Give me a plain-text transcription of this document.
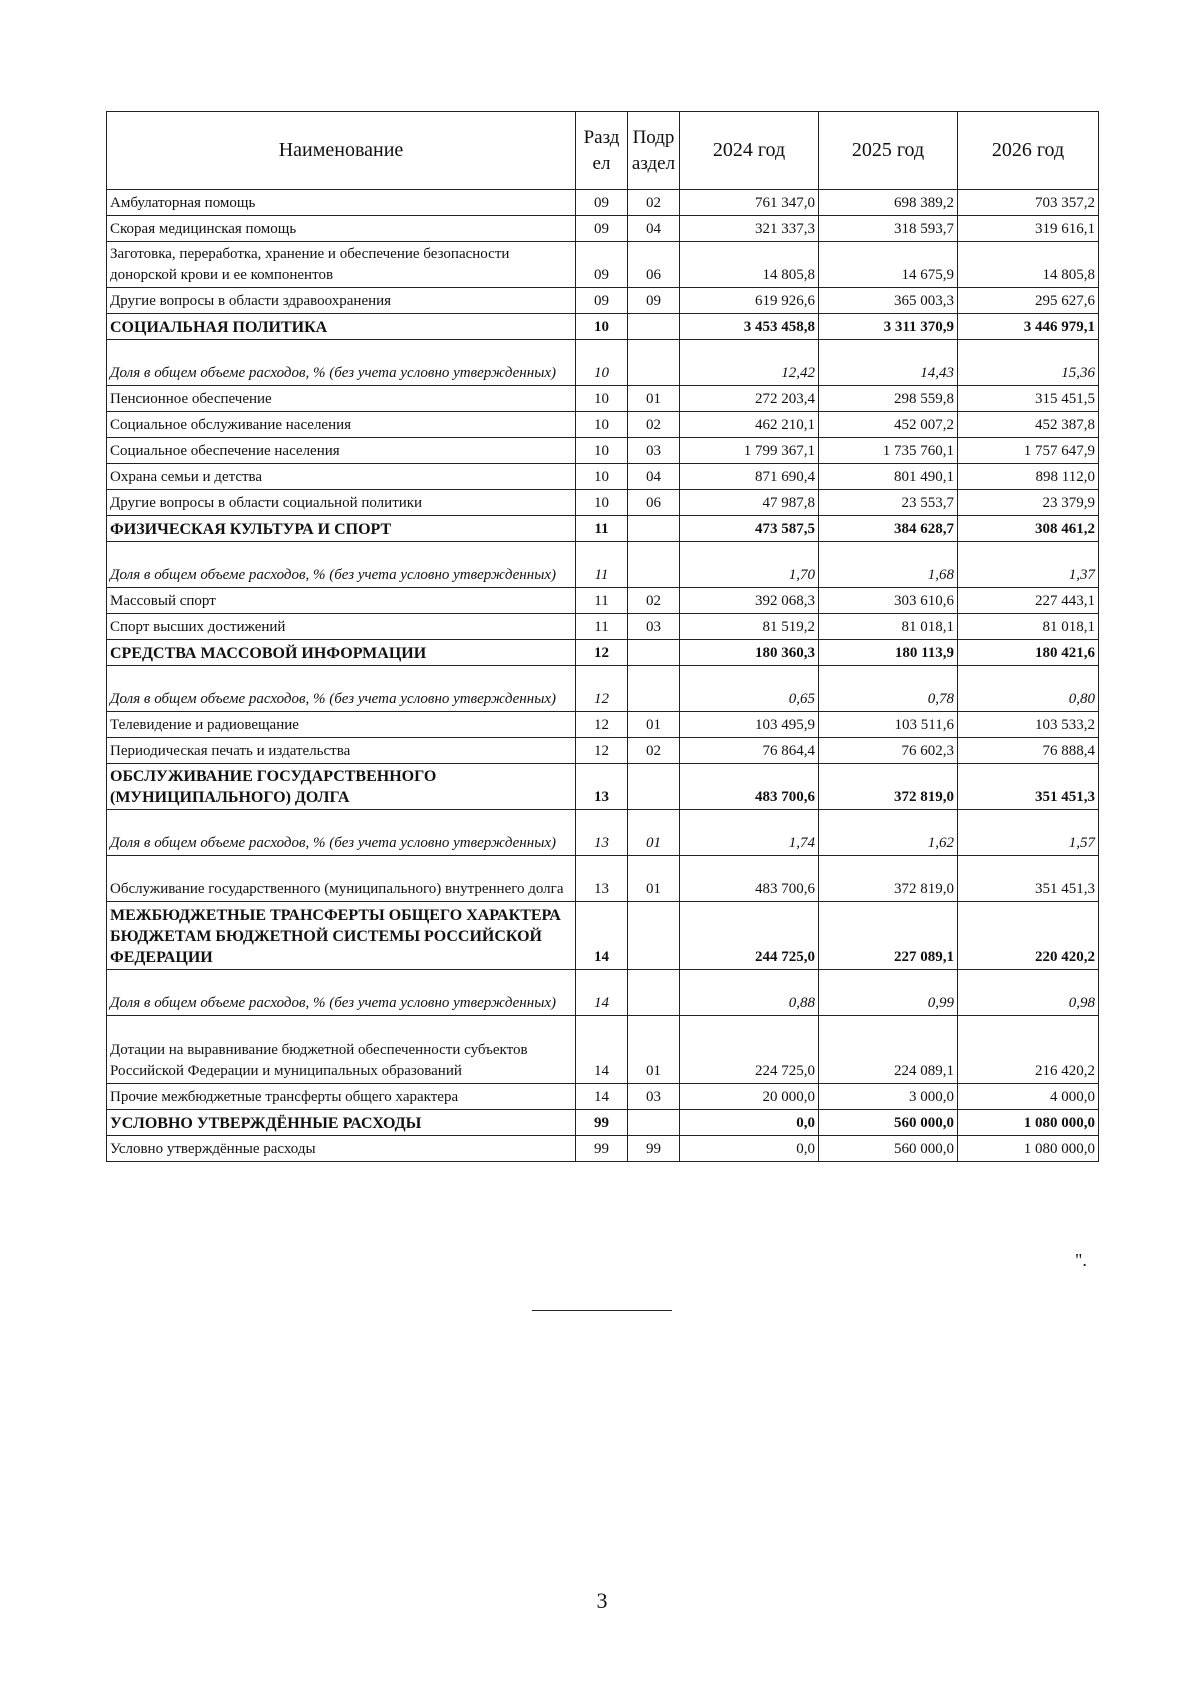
Наименование	Разд ел	Подр аздел	2024 год	2025 год	2026 год
Амбулаторная помощь	09	02	761 347,0	698 389,2	703 357,2
Скорая медицинская помощь	09	04	321 337,3	318 593,7	319 616,1
Заготовка, переработка, хранение и обеспечение безопасности донорской крови и ее компонентов	09	06	14 805,8	14 675,9	14 805,8
Другие вопросы в области здравоохранения	09	09	619 926,6	365 003,3	295 627,6
СОЦИАЛЬНАЯ ПОЛИТИКА	10		3 453 458,8	3 311 370,9	3 446 979,1
Доля в общем объеме расходов, % (без учета условно утвержденных)	10		12,42	14,43	15,36
Пенсионное обеспечение	10	01	272 203,4	298 559,8	315 451,5
Социальное обслуживание населения	10	02	462 210,1	452 007,2	452 387,8
Социальное обеспечение населения	10	03	1 799 367,1	1 735 760,1	1 757 647,9
Охрана семьи и детства	10	04	871 690,4	801 490,1	898 112,0
Другие вопросы в области социальной политики	10	06	47 987,8	23 553,7	23 379,9
ФИЗИЧЕСКАЯ КУЛЬТУРА И СПОРТ	11		473 587,5	384 628,7	308 461,2
Доля в общем объеме расходов, % (без учета условно утвержденных)	11		1,70	1,68	1,37
Массовый спорт	11	02	392 068,3	303 610,6	227 443,1
Спорт высших достижений	11	03	81 519,2	81 018,1	81 018,1
СРЕДСТВА МАССОВОЙ ИНФОРМАЦИИ	12		180 360,3	180 113,9	180 421,6
Доля в общем объеме расходов, % (без учета условно утвержденных)	12		0,65	0,78	0,80
Телевидение и радиовещание	12	01	103 495,9	103 511,6	103 533,2
Периодическая печать и издательства	12	02	76 864,4	76 602,3	76 888,4
ОБСЛУЖИВАНИЕ ГОСУДАРСТВЕННОГО (МУНИЦИПАЛЬНОГО) ДОЛГА	13		483 700,6	372 819,0	351 451,3
Доля в общем объеме расходов, % (без учета условно утвержденных)	13	01	1,74	1,62	1,57
Обслуживание государственного (муниципального) внутреннего долга	13	01	483 700,6	372 819,0	351 451,3
МЕЖБЮДЖЕТНЫЕ ТРАНСФЕРТЫ ОБЩЕГО ХАРАКТЕРА БЮДЖЕТАМ БЮДЖЕТНОЙ СИСТЕМЫ РОССИЙСКОЙ ФЕДЕРАЦИИ	14		244 725,0	227 089,1	220 420,2
Доля в общем объеме расходов, % (без учета условно утвержденных)	14		0,88	0,99	0,98
Дотации на выравнивание бюджетной обеспеченности субъектов Российской Федерации и муниципальных образований	14	01	224 725,0	224 089,1	216 420,2
Прочие межбюджетные трансферты общего характера	14	03	20 000,0	3 000,0	4 000,0
УСЛОВНО УТВЕРЖДЁННЫЕ РАСХОДЫ	99		0,0	560 000,0	1 080 000,0
Условно утверждённые расходы	99	99	0,0	560 000,0	1 080 000,0
".
3
